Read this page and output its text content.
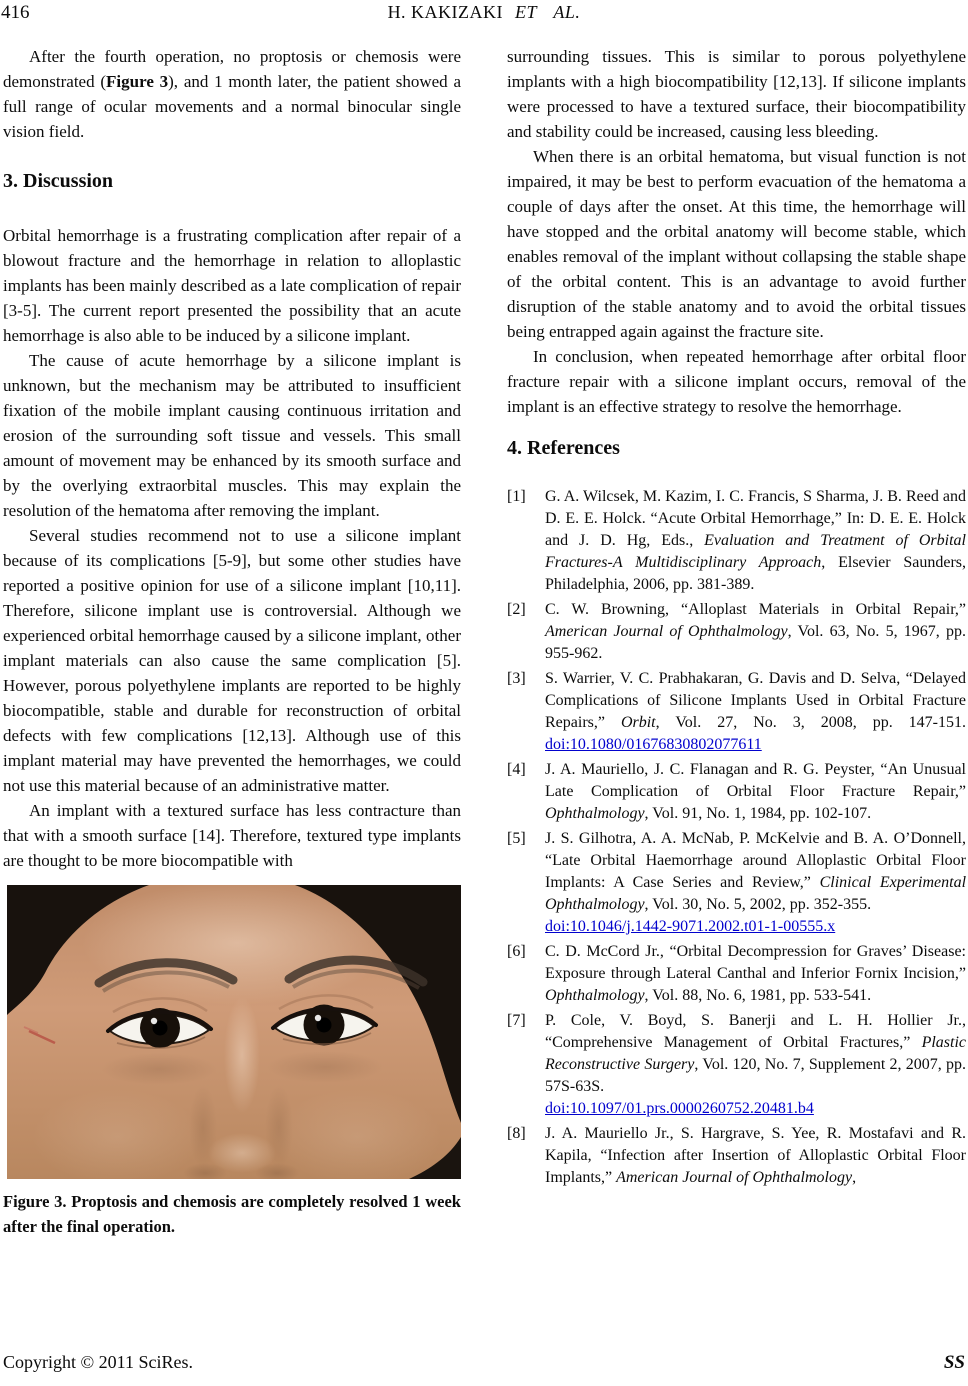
416	H. KAKIZAKI ET AL.

After the fourth operation, no proptosis or chemosis were demonstrated (Figure 3), and 1 month later, the patient showed a full range of ocular movements and a normal binocular single vision field.

3. Discussion

Orbital hemorrhage is a frustrating complication after repair of a blowout fracture and the hemorrhage in relation to alloplastic implants has been mainly described as a late complication of repair [3-5]. The current report presented the possibility that an acute hemorrhage is also able to be induced by a silicone implant.

The cause of acute hemorrhage by a silicone implant is unknown, but the mechanism may be attributed to insufficient fixation of the mobile implant causing continuous irritation and erosion of the surrounding soft tissue and vessels. This small amount of movement may be enhanced by its smooth surface and by the overlying extraorbital muscles. This may explain the resolution of the hematoma after removing the implant.

Several studies recommend not to use a silicone implant because of its complications [5-9], but some other studies have reported a positive opinion for use of a silicone implant [10,11]. Therefore, silicone implant use is controversial. Although we experienced orbital hemorrhage caused by a silicone implant, other implant materials can also cause the same complication [5]. However, porous polyethylene implants are reported to be highly biocompatible, stable and durable for reconstruction of orbital defects with few complications [12,13]. Although use of this implant material may have prevented the hemorrhages, we could not use this material because of an administrative matter.

An implant with a textured surface has less contracture than that with a smooth surface [14]. Therefore, textured type implants are thought to be more biocompatible with

Figure 3. Proptosis and chemosis are completely resolved 1 week after the final operation.

surrounding tissues. This is similar to porous polyethylene implants with a high biocompatibility [12,13]. If silicone implants were processed to have a textured surface, their biocompatibility and stability could be increased, causing less bleeding.

When there is an orbital hematoma, but visual function is not impaired, it may be best to perform evacuation of the hematoma a couple of days after the onset. At this time, the hemorrhage will have stopped and the orbital anatomy will become stable, which enables removal of the implant without collapsing the stable shape of the orbital content. This is an advantage to avoid further disruption of the stable anatomy and to avoid the orbital tissues being entrapped again against the fracture site.

In conclusion, when repeated hemorrhage after orbital floor fracture repair with a silicone implant occurs, removal of the implant is an effective strategy to resolve the hemorrhage.

4. References
[1]	G. A. Wilcsek, M. Kazim, I. C. Francis, S Sharma, J. B. Reed and D. E. E. Holck. “Acute Orbital Hemorrhage,” In: D. E. E. Holck and J. D. Hg, Eds., Evaluation and Treatment of Orbital Fractures-A Multidisciplinary Approach, Elsevier Saunders, Philadelphia, 2006, pp. 381-389.
[2]	C. W. Browning, “Alloplast Materials in Orbital Repair,” American Journal of Ophthalmology, Vol. 63, No. 5, 1967, pp. 955-962.
[3]	S. Warrier, V. C. Prabhakaran, G. Davis and D. Selva, “Delayed Complications of Silicone Implants Used in Orbital Fracture Repairs,” Orbit, Vol. 27, No. 3, 2008, pp. 147-151. doi:10.1080/01676830802077611
[4]	J. A. Mauriello, J. C. Flanagan and R. G. Peyster, “An Unusual Late Complication of Orbital Floor Fracture Repair,” Ophthalmology, Vol. 91, No. 1, 1984, pp. 102-107.
[5]	J. S. Gilhotra, A. A. McNab, P. McKelvie and B. A. O’Donnell, “Late Orbital Haemorrhage around Alloplastic Orbital Floor Implants: A Case Series and Review,” Clinical Experimental Ophthalmology, Vol. 30, No. 5, 2002, pp. 352-355.
doi:10.1046/j.1442-9071.2002.t01-1-00555.x
[6]	C. D. McCord Jr., “Orbital Decompression for Graves’ Disease: Exposure through Lateral Canthal and Inferior Fornix Incision,” Ophthalmology, Vol. 88, No. 6, 1981, pp. 533-541.
[7]	P. Cole, V. Boyd, S. Banerji and L. H. Hollier Jr., “Comprehensive Management of Orbital Fractures,” Plastic Reconstructive Surgery, Vol. 120, No. 7, Supplement 2, 2007, pp. 57S-63S.
doi:10.1097/01.prs.0000260752.20481.b4
[8]	J. A. Mauriello Jr., S. Hargrave, S. Yee, R. Mostafavi and R. Kapila, “Infection after Insertion of Alloplastic Orbital Floor Implants,” American Journal of Ophthalmology,
Copyright © 2011 SciRes.	SS
